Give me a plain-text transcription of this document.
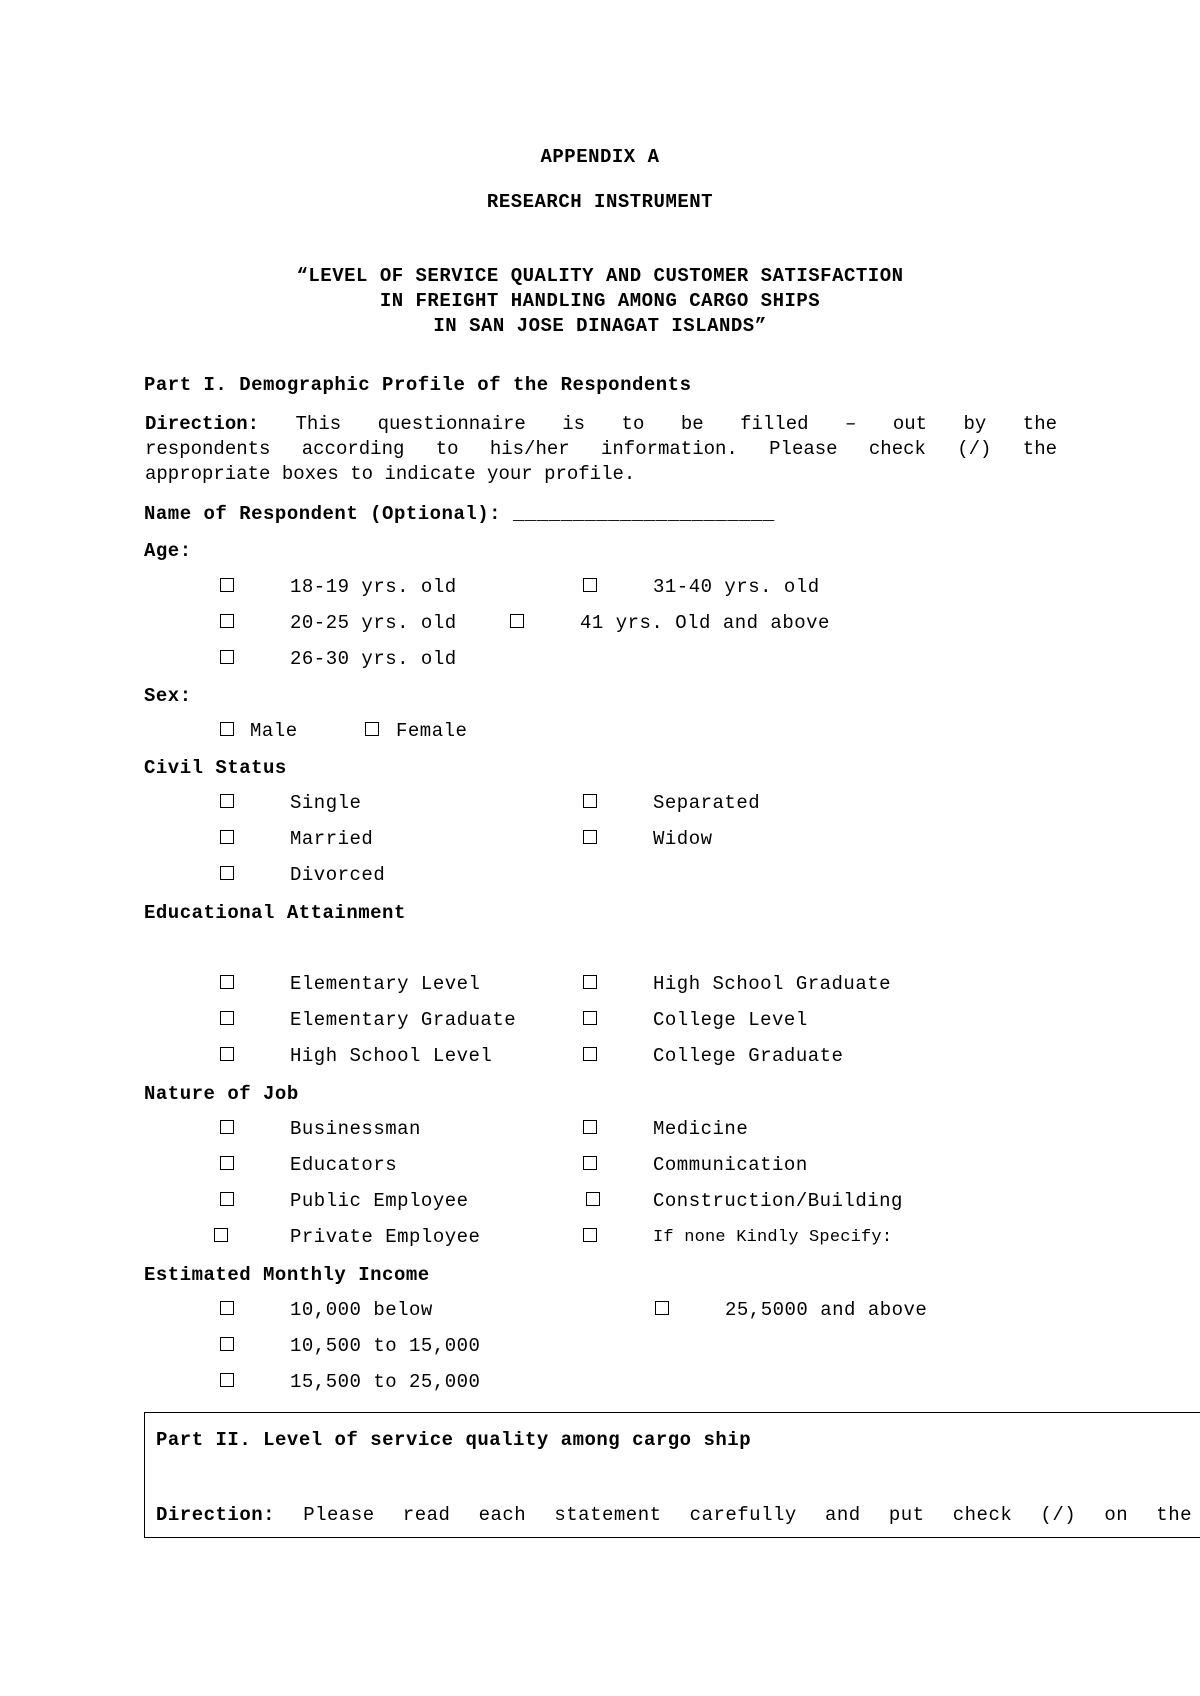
APPENDIX A
RESEARCH INSTRUMENT
“LEVEL OF SERVICE QUALITY AND CUSTOMER SATISFACTION
IN FREIGHT HANDLING AMONG CARGO SHIPS
IN SAN JOSE DINAGAT ISLANDS”
Part I. Demographic Profile of the Respondents
Direction: This questionnaire is to be filled – out by the
respondents according to his/her information. Please check (/) the
appropriate boxes to indicate your profile.
Name of Respondent (Optional): ______________________
Age:
18-19 yrs. old
20-25 yrs. old
26-30 yrs. old
31-40 yrs. old
41 yrs. Old and above
Sex:
Male	Female
Civil Status
Single
Married
Divorced
Separated
Widow
Educational Attainment
Elementary Level
Elementary Graduate
High School Level
High School Graduate
College Level
College Graduate
Nature of Job
Businessman
Educators
Public Employee
Private Employee
Medicine
Communication
Construction/Building
If none Kindly Specify:
Estimated Monthly Income
10,000 below
10,500 to 15,000
15,500 to 25,000
25,5000 and above
Part II. Level of service quality among cargo ship
Direction: Please read each statement carefully and put check (/) on the
